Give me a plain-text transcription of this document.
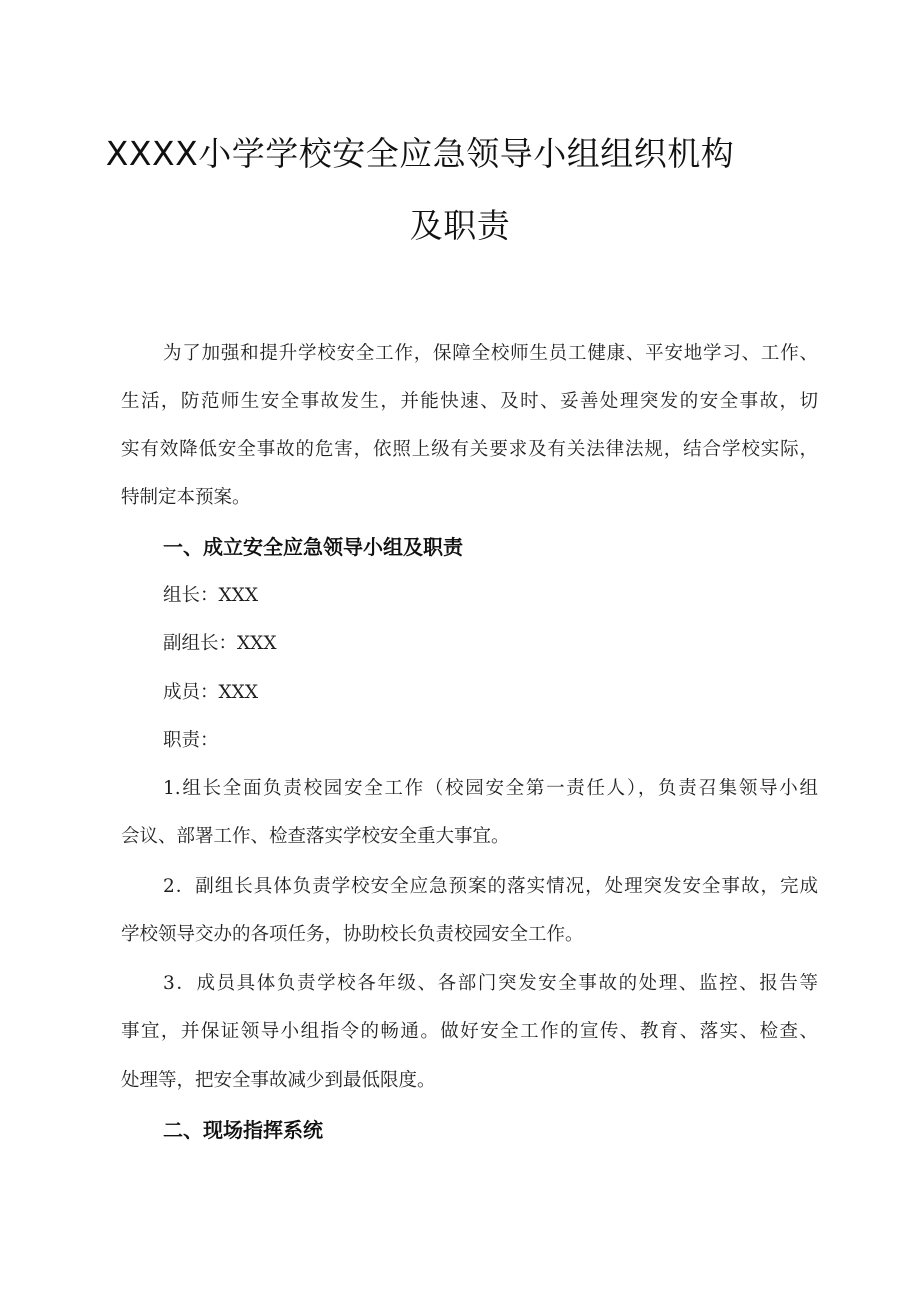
XXXX小学学校安全应急领导小组组织机构
及职责
为了加强和提升学校安全工作，保障全校师生员工健康、平安地学习、工作、
生活，防范师生安全事故发生，并能快速、及时、妥善处理突发的安全事故，切
实有效降低安全事故的危害，依照上级有关要求及有关法律法规，结合学校实际，
特制定本预案。
一、成立安全应急领导小组及职责
组长：XXX
副组长：XXX
成员：XXX
职责：
1.组长全面负责校园安全工作（校园安全第一责任人），负责召集领导小组
会议、部署工作、检查落实学校安全重大事宜。
2．副组长具体负责学校安全应急预案的落实情况，处理突发安全事故，完成
学校领导交办的各项任务，协助校长负责校园安全工作。
3．成员具体负责学校各年级、各部门突发安全事故的处理、监控、报告等
事宜，并保证领导小组指令的畅通。做好安全工作的宣传、教育、落实、检查、
处理等，把安全事故减少到最低限度。
二、现场指挥系统
